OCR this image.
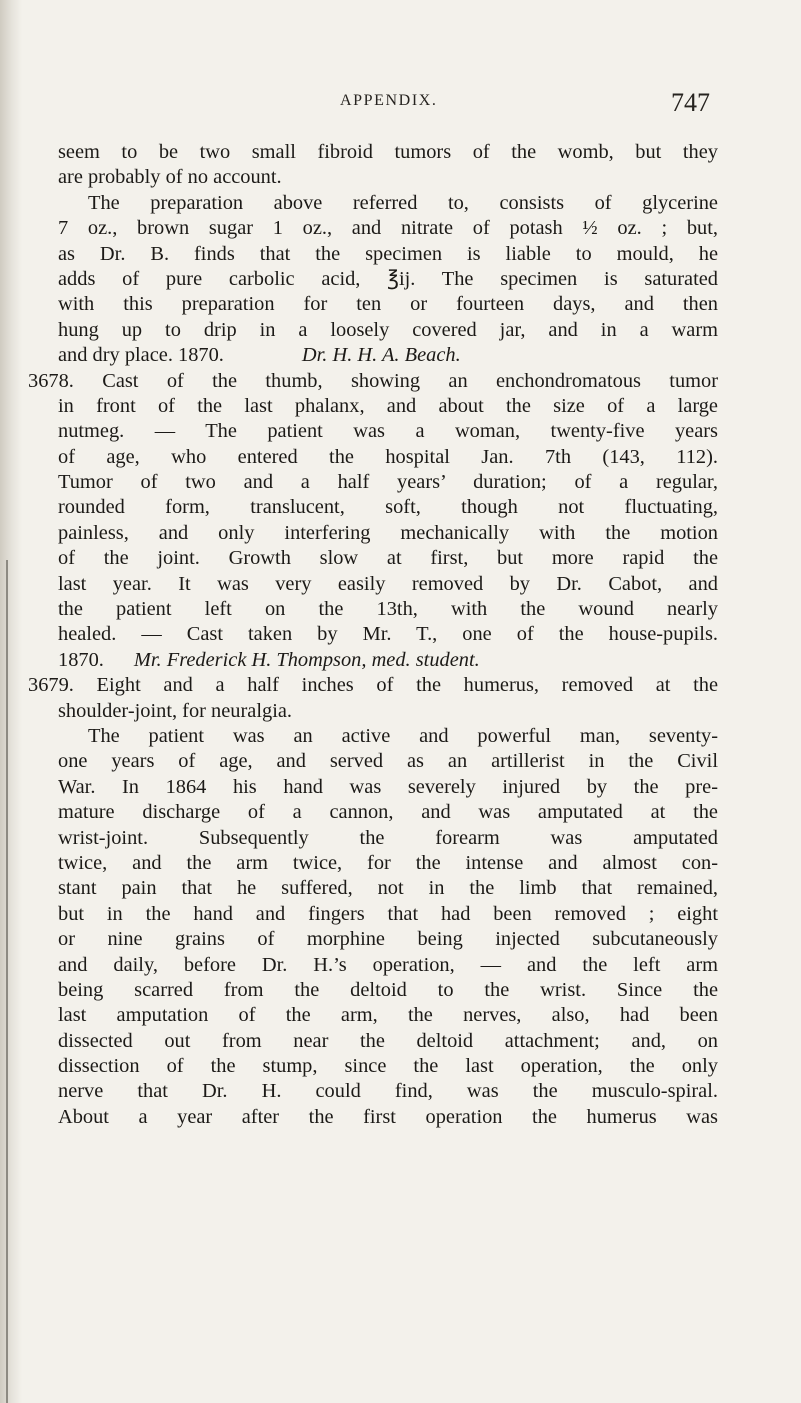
APPENDIX.	747
seem to be two small fibroid tumors of the womb, but they
are probably of no account.
The preparation above referred to, consists of glycerine
7 oz., brown sugar 1 oz., and nitrate of potash ½ oz. ; but,
as Dr. B. finds that the specimen is liable to mould, he
adds of pure carbolic acid, ℥ij. The specimen is saturated
with this preparation for ten or fourteen days, and then
hung up to drip in a loosely covered jar, and in a warm
and dry place. 1870.	Dr. H. H. A. Beach.
3678. Cast of the thumb, showing an enchondromatous tumor
in front of the last phalanx, and about the size of a large
nutmeg. — The patient was a woman, twenty-five years
of age, who entered the hospital Jan. 7th (143, 112).
Tumor of two and a half years’ duration; of a regular,
rounded form, translucent, soft, though not fluctuating,
painless, and only interfering mechanically with the motion
of the joint. Growth slow at first, but more rapid the
last year. It was very easily removed by Dr. Cabot, and
the patient left on the 13th, with the wound nearly
healed. — Cast taken by Mr. T., one of the house-pupils.
1870. Mr. Frederick H. Thompson, med. student.
3679. Eight and a half inches of the humerus, removed at the
shoulder-joint, for neuralgia.
The patient was an active and powerful man, seventy-
one years of age, and served as an artillerist in the Civil
War. In 1864 his hand was severely injured by the pre-
mature discharge of a cannon, and was amputated at the
wrist-joint. Subsequently the forearm was amputated
twice, and the arm twice, for the intense and almost con-
stant pain that he suffered, not in the limb that remained,
but in the hand and fingers that had been removed ; eight
or nine grains of morphine being injected subcutaneously
and daily, before Dr. H.’s operation, — and the left arm
being scarred from the deltoid to the wrist. Since the
last amputation of the arm, the nerves, also, had been
dissected out from near the deltoid attachment; and, on
dissection of the stump, since the last operation, the only
nerve that Dr. H. could find, was the musculo-spiral.
About a year after the first operation the humerus was
